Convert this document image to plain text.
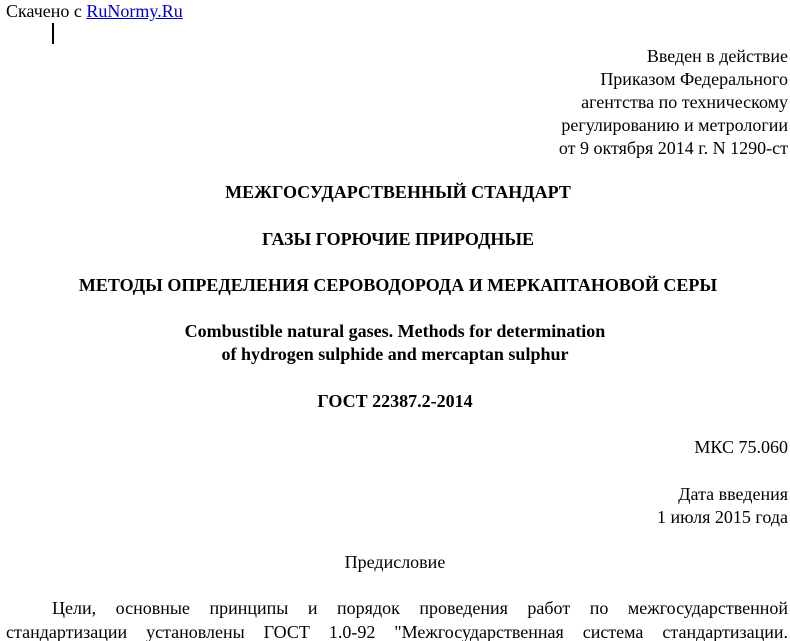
Скачено с RuNormy.Ru
Введен в действие
Приказом Федерального
агентства по техническому
регулированию и метрологии
от 9 октября 2014 г. N 1290-ст
МЕЖГОСУДАРСТВЕННЫЙ СТАНДАРТ
ГАЗЫ ГОРЮЧИЕ ПРИРОДНЫЕ
МЕТОДЫ ОПРЕДЕЛЕНИЯ СЕРОВОДОРОДА И МЕРКАПТАНОВОЙ СЕРЫ
Combustible natural gases. Methods for determination
of hydrogen sulphide and mercaptan sulphur
ГОСТ 22387.2-2014
МКС 75.060
Дата введения
1 июля 2015 года
Предисловие
Цели, основные принципы и порядок проведения работ по межгосударственной стандартизации установлены ГОСТ 1.0-92 "Межгосударственная система стандартизации.
